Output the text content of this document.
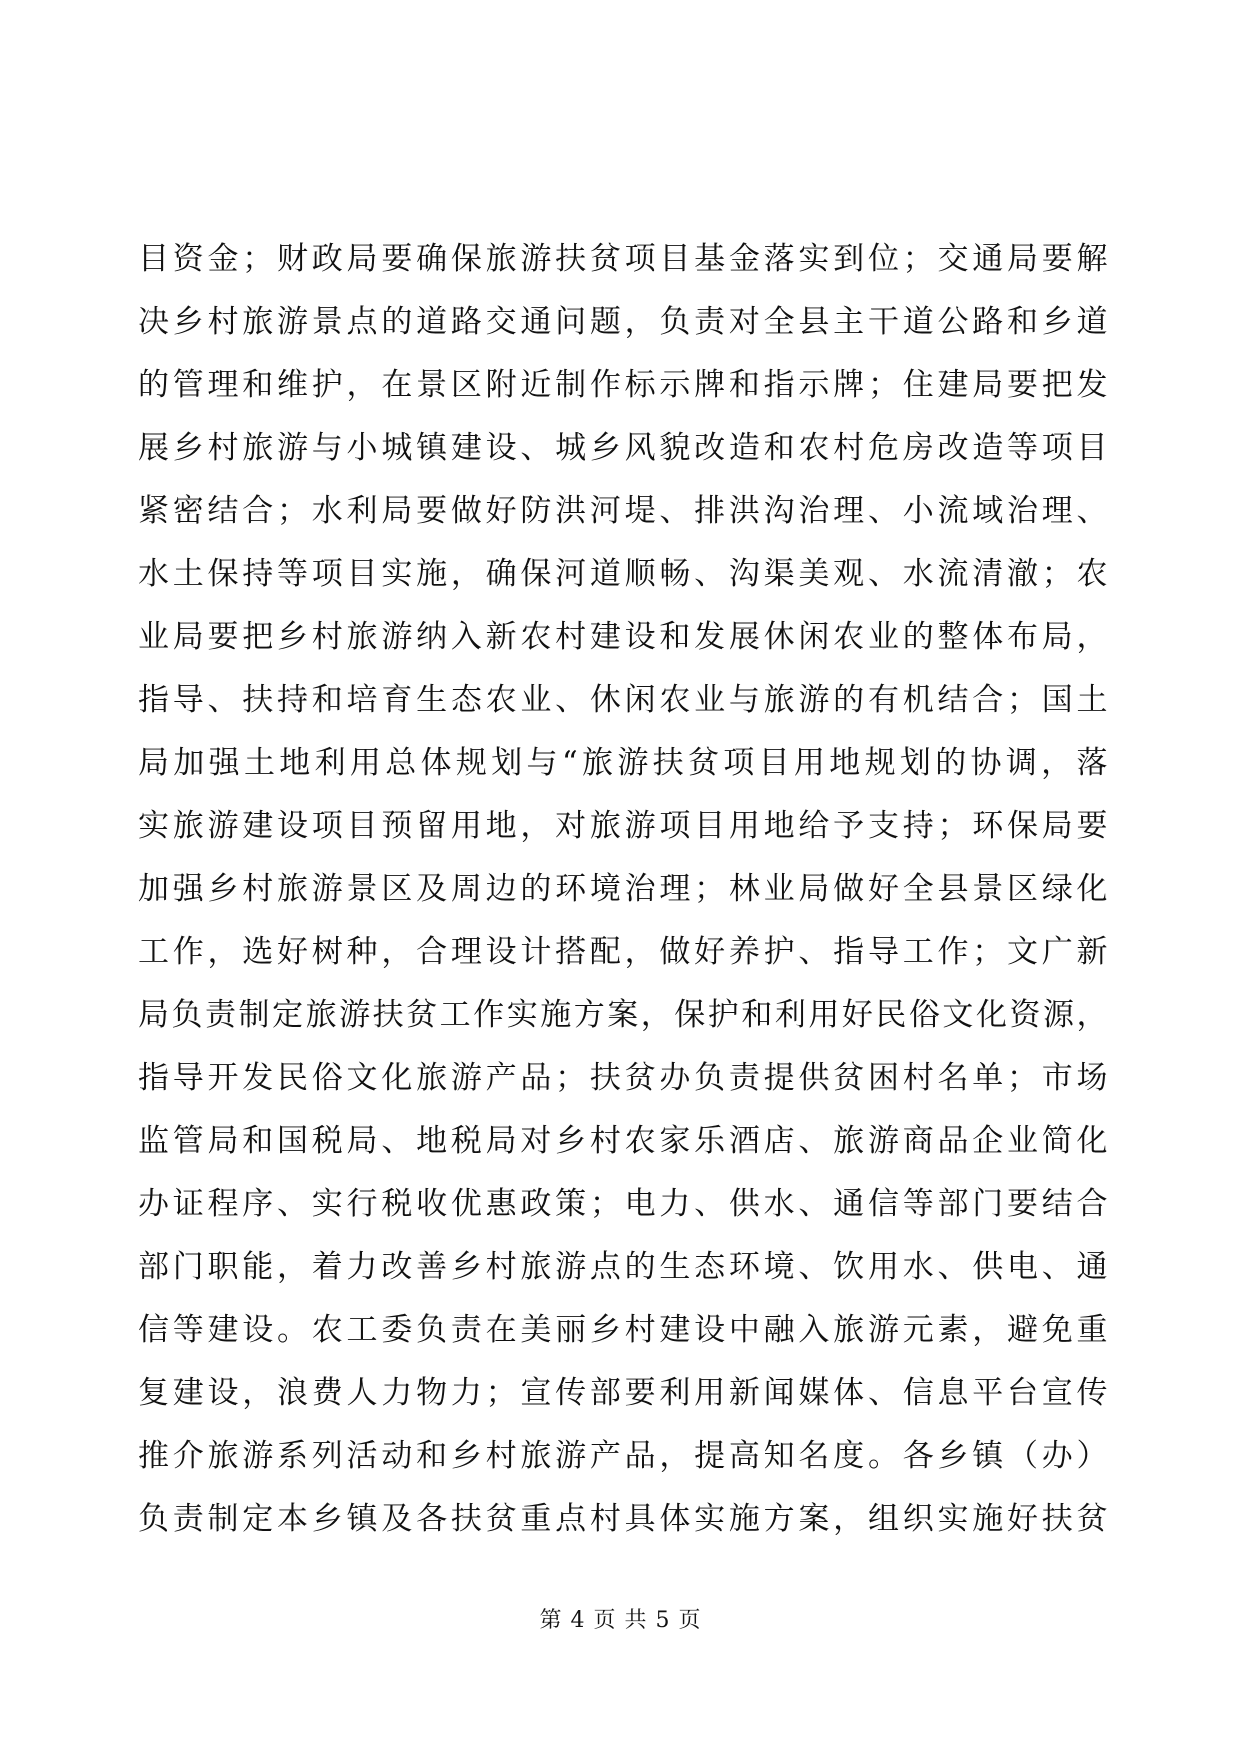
目资金；财政局要确保旅游扶贫项目基金落实到位；交通局要解
决乡村旅游景点的道路交通问题，负责对全县主干道公路和乡道
的管理和维护，在景区附近制作标示牌和指示牌；住建局要把发
展乡村旅游与小城镇建设、城乡风貌改造和农村危房改造等项目
紧密结合；水利局要做好防洪河堤、排洪沟治理、小流域治理、
水土保持等项目实施，确保河道顺畅、沟渠美观、水流清澈；农
业局要把乡村旅游纳入新农村建设和发展休闲农业的整体布局，
指导、扶持和培育生态农业、休闲农业与旅游的有机结合；国土
局加强土地利用总体规划与“旅游扶贫项目用地规划的协调，落
实旅游建设项目预留用地，对旅游项目用地给予支持；环保局要
加强乡村旅游景区及周边的环境治理；林业局做好全县景区绿化
工作，选好树种，合理设计搭配，做好养护、指导工作；文广新
局负责制定旅游扶贫工作实施方案，保护和利用好民俗文化资源，
指导开发民俗文化旅游产品；扶贫办负责提供贫困村名单；市场
监管局和国税局、地税局对乡村农家乐酒店、旅游商品企业简化
办证程序、实行税收优惠政策；电力、供水、通信等部门要结合
部门职能，着力改善乡村旅游点的生态环境、饮用水、供电、通
信等建设。农工委负责在美丽乡村建设中融入旅游元素，避免重
复建设，浪费人力物力；宣传部要利用新闻媒体、信息平台宣传
推介旅游系列活动和乡村旅游产品，提高知名度。各乡镇（办）
负责制定本乡镇及各扶贫重点村具体实施方案，组织实施好扶贫
第 4 页 共 5 页
